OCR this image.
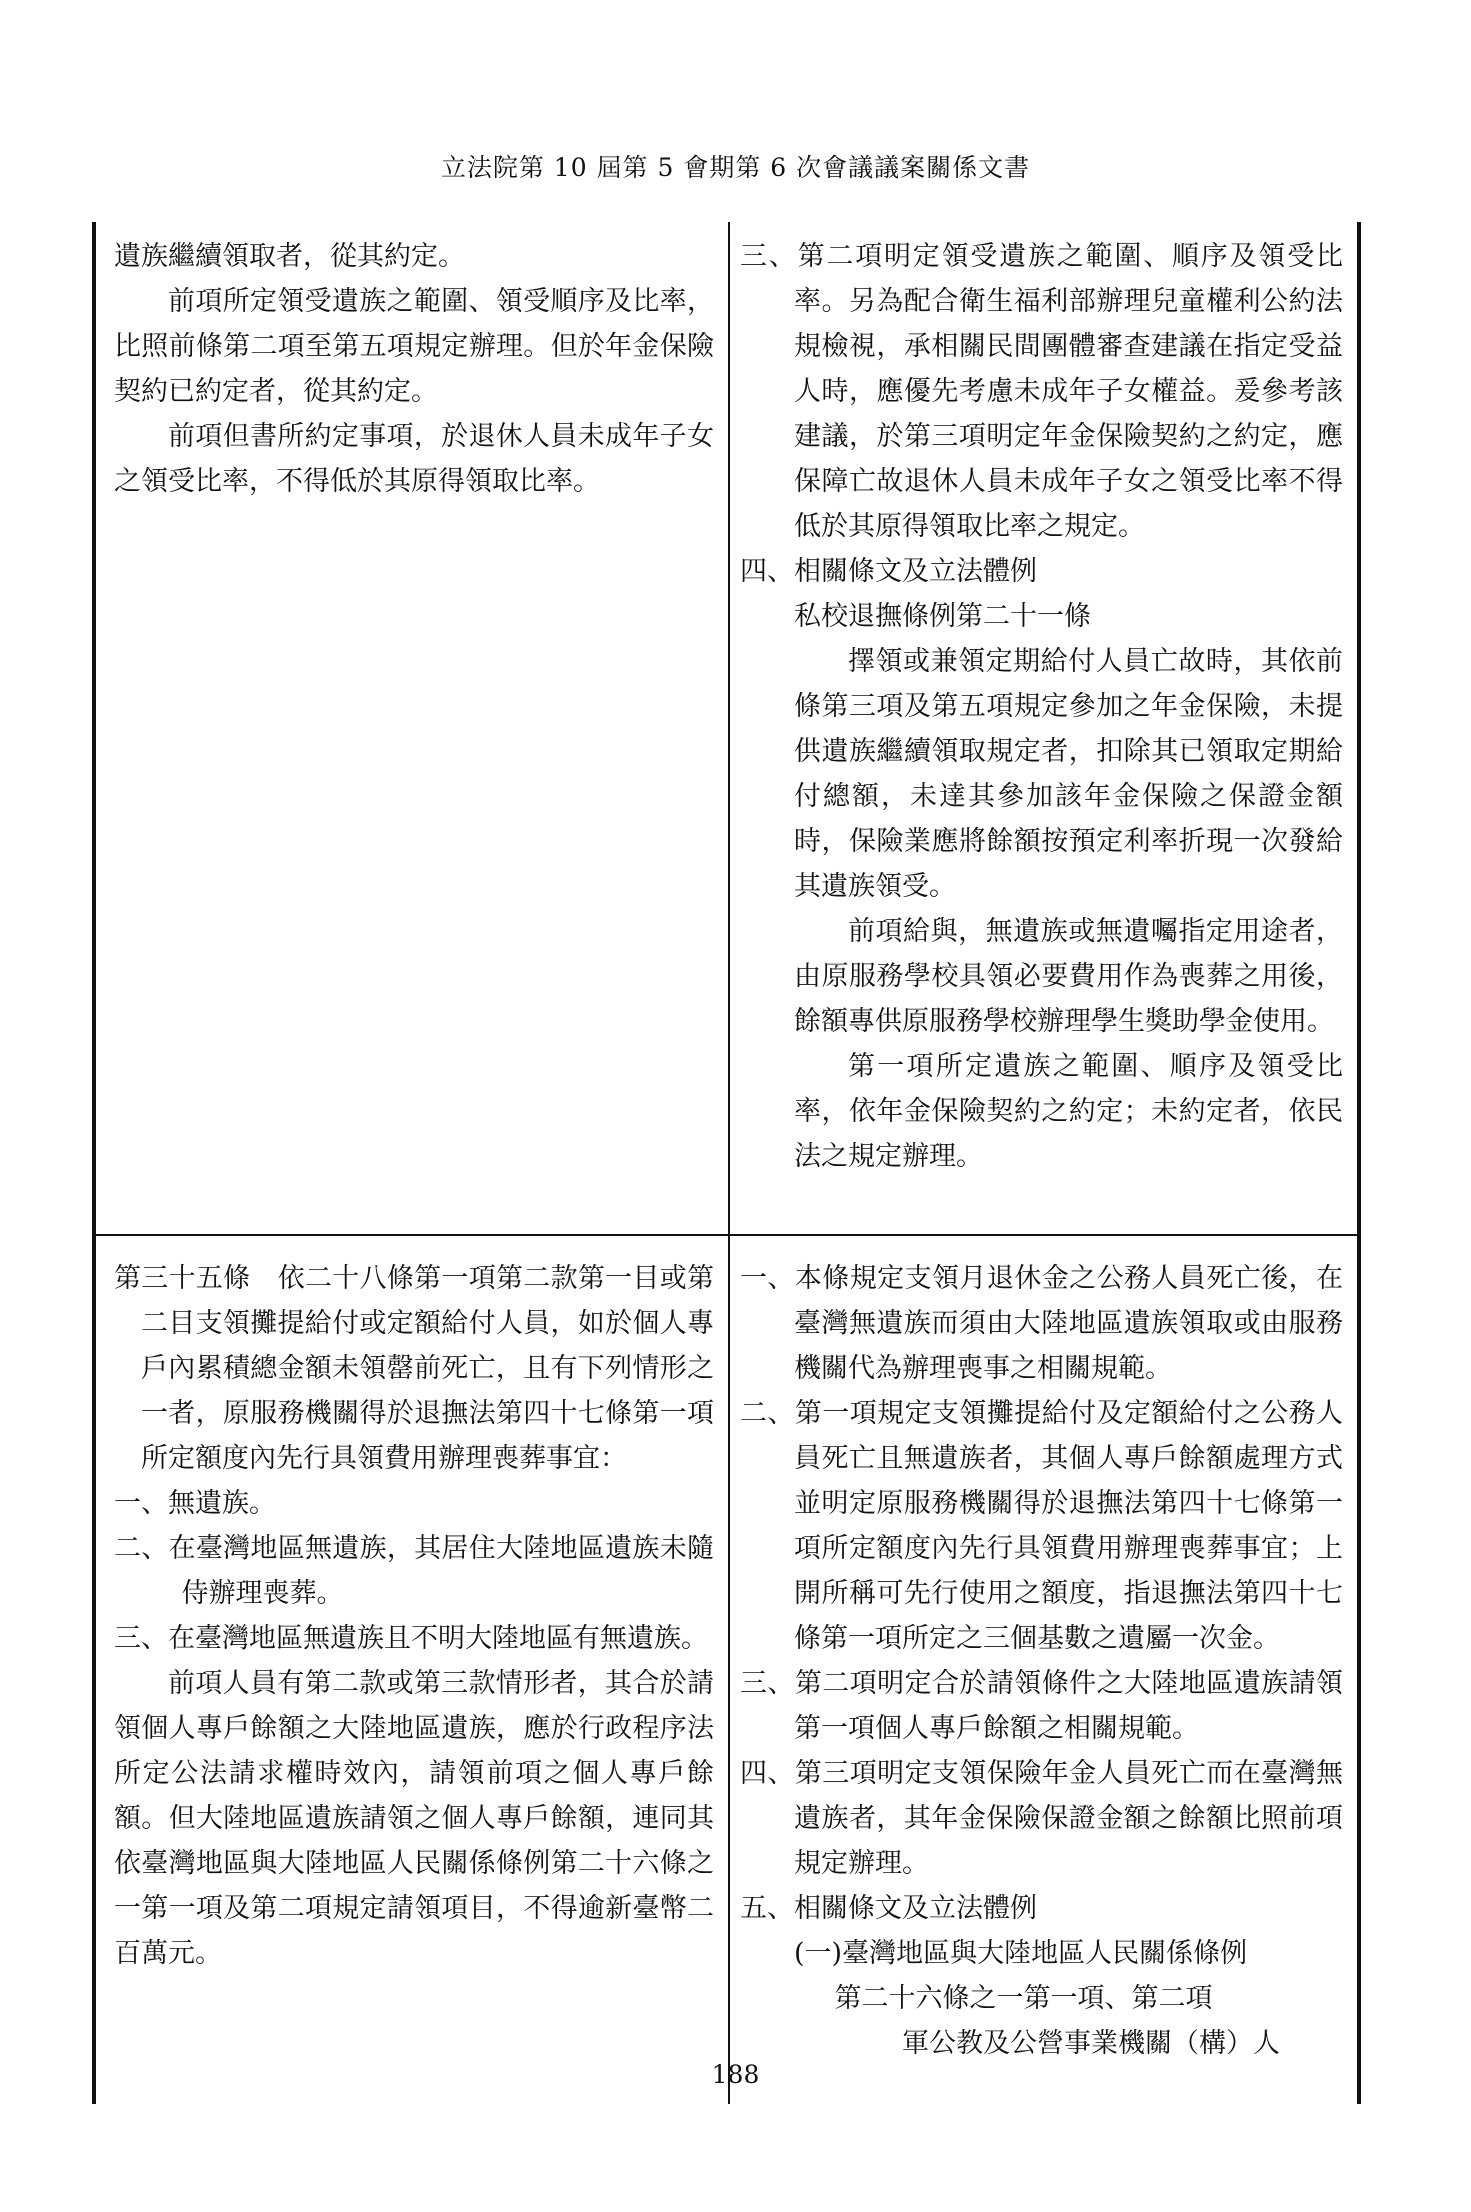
立法院第 10 屆第 5 會期第 6 次會議議案關係文書

遺族繼續領取者，從其約定。

前項所定領受遺族之範圍、領受順序及比率，比照前條第二項至第五項規定辦理。但於年金保險契約已約定者，從其約定。

前項但書所約定事項，於退休人員未成年子女之領受比率，不得低於其原得領取比率。

三、第二項明定領受遺族之範圍、順序及領受比率。另為配合衛生福利部辦理兒童權利公約法規檢視，承相關民間團體審查建議在指定受益人時，應優先考慮未成年子女權益。爰參考該建議，於第三項明定年金保險契約之約定，應保障亡故退休人員未成年子女之領受比率不得低於其原得領取比率之規定。

四、相關條文及立法體例

私校退撫條例第二十一條

擇領或兼領定期給付人員亡故時，其依前條第三項及第五項規定參加之年金保險，未提供遺族繼續領取規定者，扣除其已領取定期給付總額，未達其參加該年金保險之保證金額時，保險業應將餘額按預定利率折現一次發給其遺族領受。

前項給與，無遺族或無遺囑指定用途者，由原服務學校具領必要費用作為喪葬之用後，餘額專供原服務學校辦理學生獎助學金使用。

第一項所定遺族之範圍、順序及領受比率，依年金保險契約之約定；未約定者，依民法之規定辦理。

第三十五條　依二十八條第一項第二款第一目或第二目支領攤提給付或定額給付人員，如於個人專戶內累積總金額未領罄前死亡，且有下列情形之一者，原服務機關得於退撫法第四十七條第一項所定額度內先行具領費用辦理喪葬事宜：

一、無遺族。

二、在臺灣地區無遺族，其居住大陸地區遺族未隨侍辦理喪葬。

三、在臺灣地區無遺族且不明大陸地區有無遺族。

前項人員有第二款或第三款情形者，其合於請領個人專戶餘額之大陸地區遺族，應於行政程序法所定公法請求權時效內，請領前項之個人專戶餘額。但大陸地區遺族請領之個人專戶餘額，連同其依臺灣地區與大陸地區人民關係條例第二十六條之一第一項及第二項規定請領項目，不得逾新臺幣二百萬元。

一、本條規定支領月退休金之公務人員死亡後，在臺灣無遺族而須由大陸地區遺族領取或由服務機關代為辦理喪事之相關規範。

二、第一項規定支領攤提給付及定額給付之公務人員死亡且無遺族者，其個人專戶餘額處理方式並明定原服務機關得於退撫法第四十七條第一項所定額度內先行具領費用辦理喪葬事宜；上開所稱可先行使用之額度，指退撫法第四十七條第一項所定之三個基數之遺屬一次金。

三、第二項明定合於請領條件之大陸地區遺族請領第一項個人專戶餘額之相關規範。

四、第三項明定支領保險年金人員死亡而在臺灣無遺族者，其年金保險保證金額之餘額比照前項規定辦理。

五、相關條文及立法體例

(一)臺灣地區與大陸地區人民關係條例

第二十六條之一第一項、第二項

軍公教及公營事業機關（構）人

188
